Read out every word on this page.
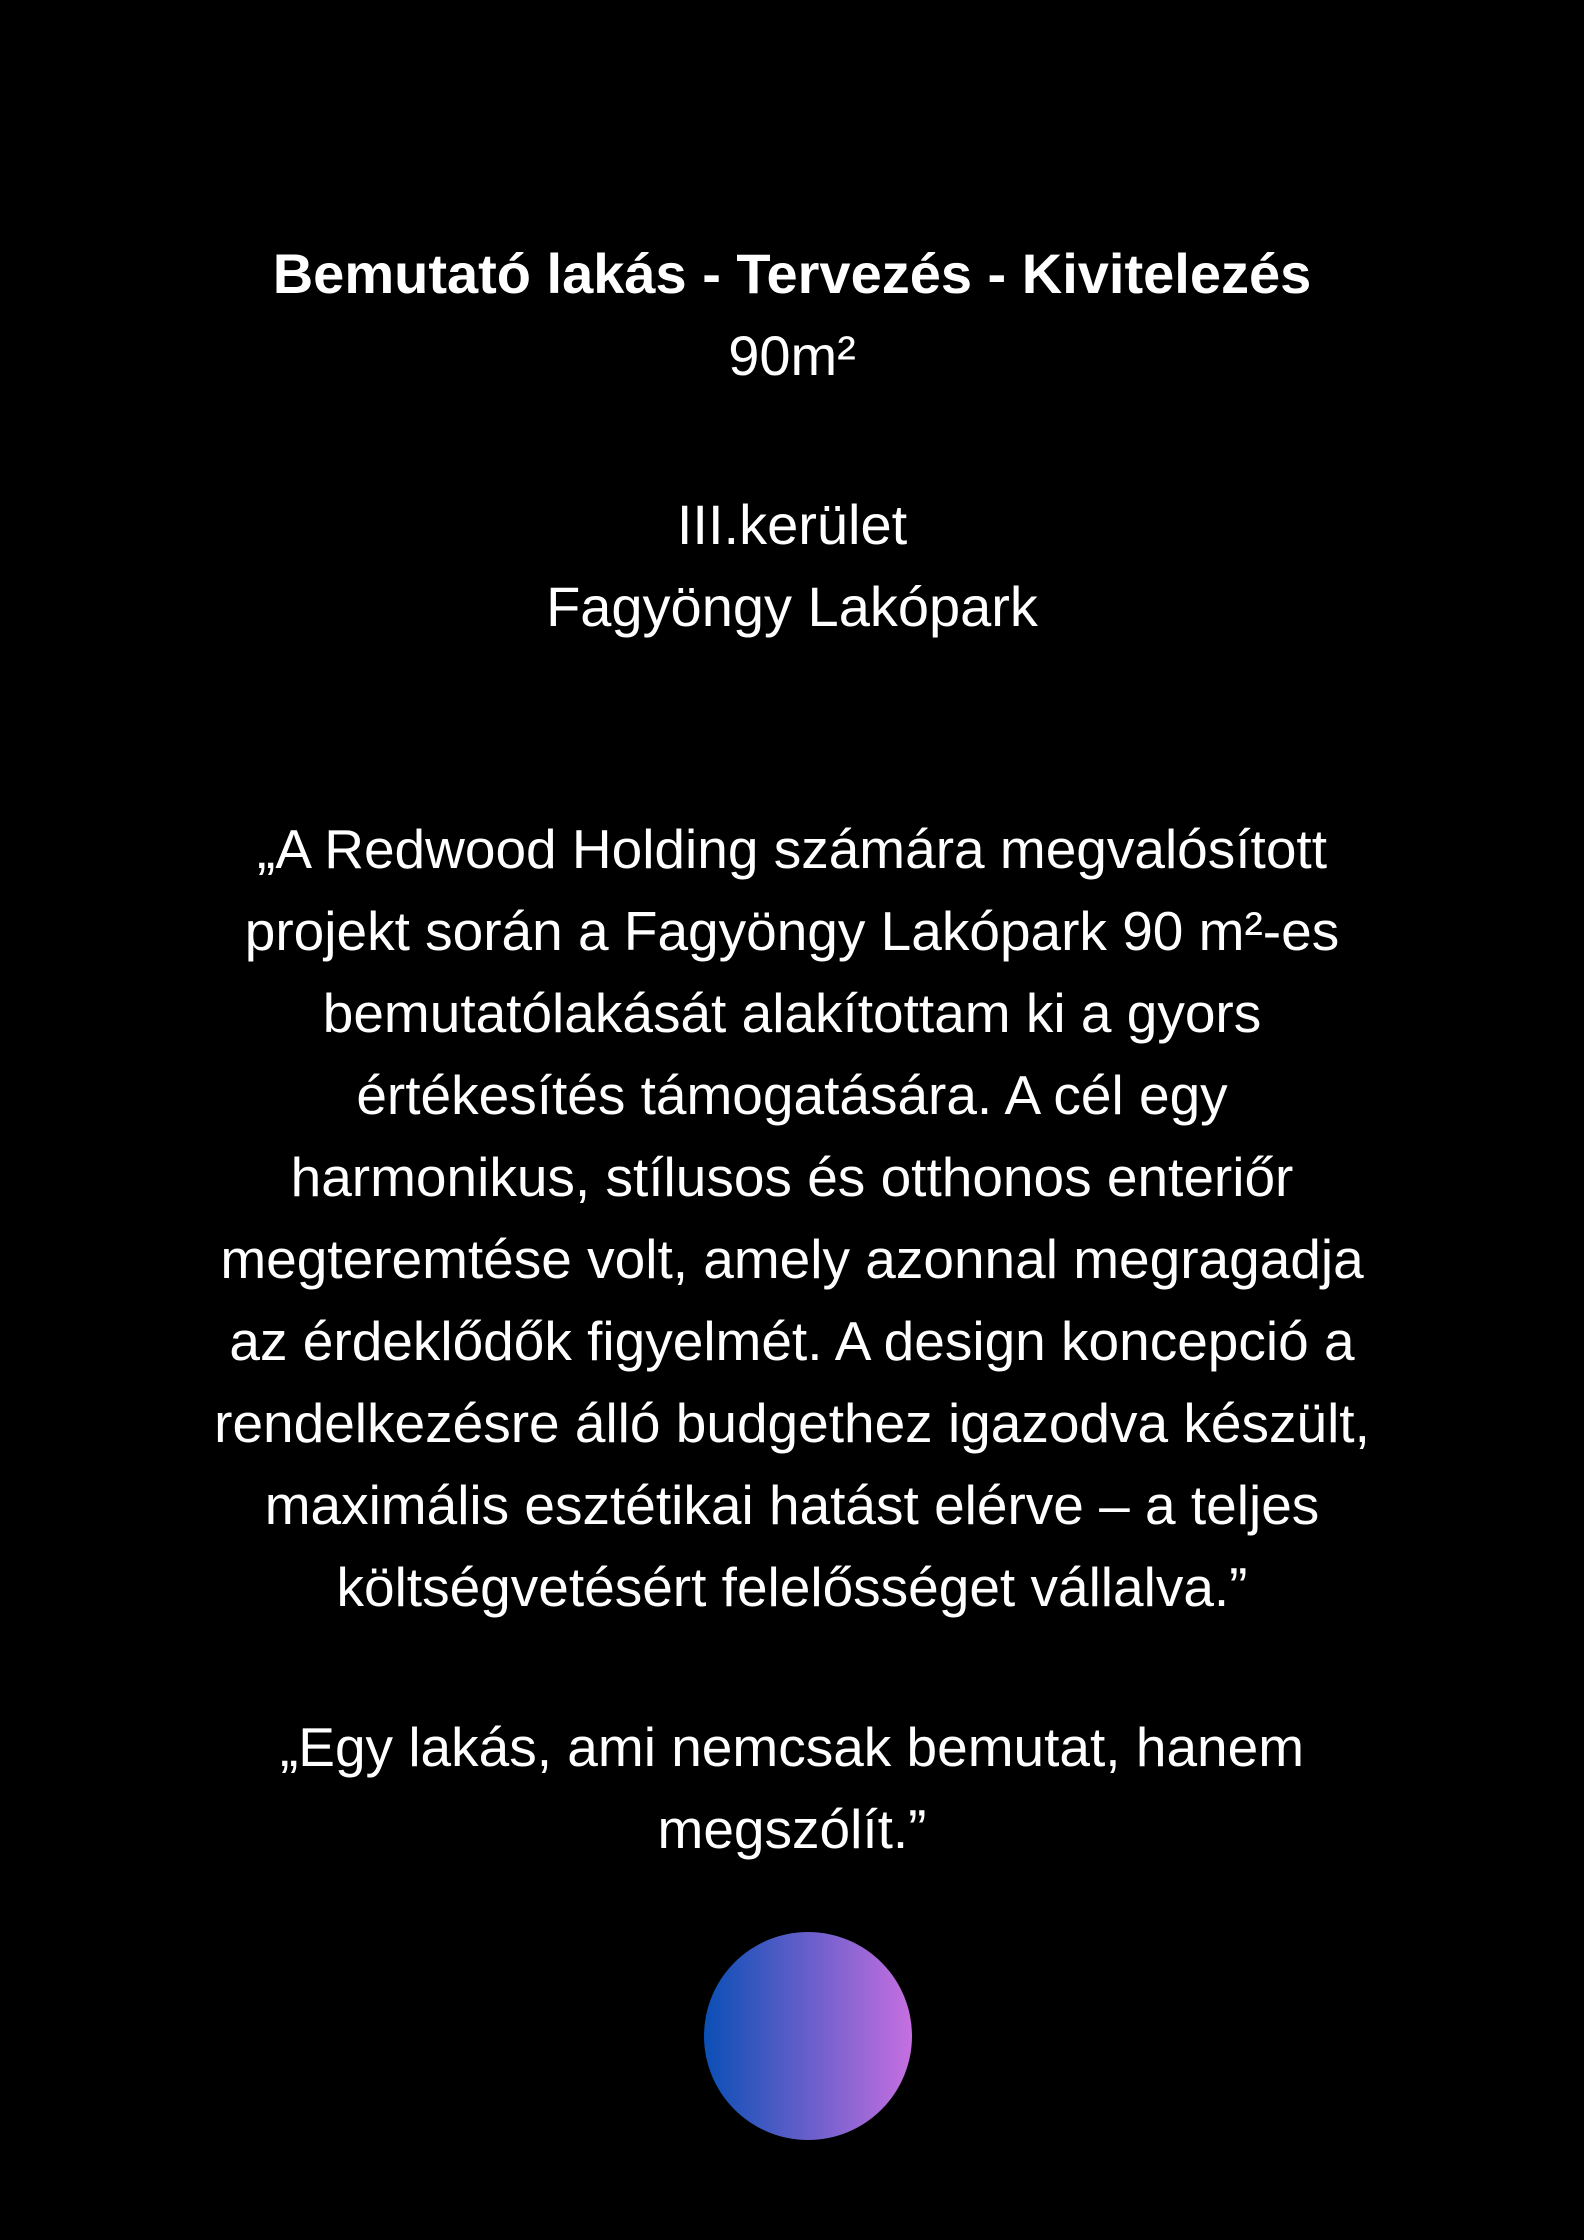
Bemutató lakás - Tervezés - Kivitelezés
90m²
III.kerület
Fagyöngy Lakópark
„A Redwood Holding számára megvalósított
projekt során a Fagyöngy Lakópark 90 m²-es
bemutatólakását alakítottam ki a gyors
értékesítés támogatására. A cél egy
harmonikus, stílusos és otthonos enteriőr
megteremtése volt, amely azonnal megragadja
az érdeklődők figyelmét. A design koncepció a
rendelkezésre álló budgethez igazodva készült,
maximális esztétikai hatást elérve – a teljes
költségvetésért felelősséget vállalva.”
„Egy lakás, ami nemcsak bemutat, hanem
megszólít.”
